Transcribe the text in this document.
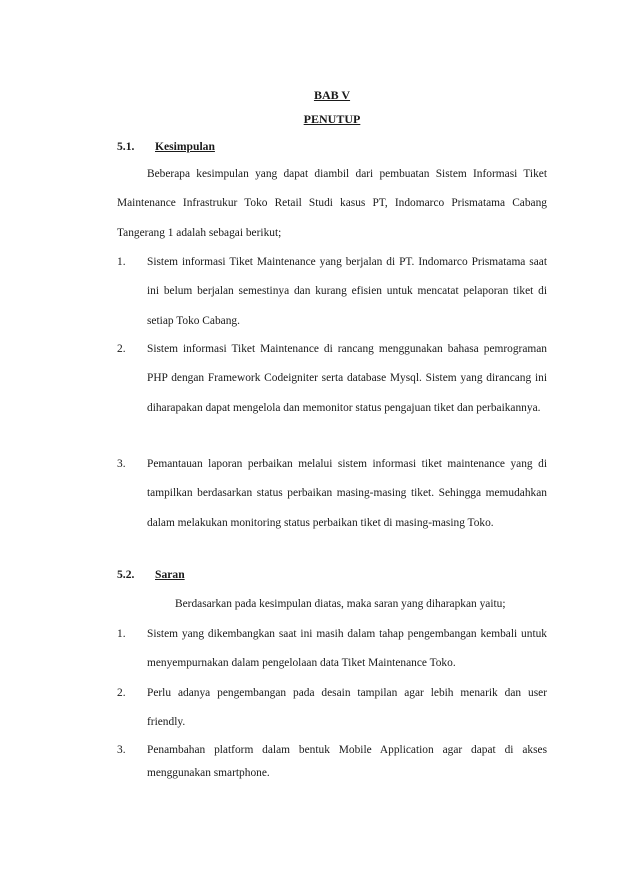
BAB V
PENUTUP
5.1. Kesimpulan

Beberapa kesimpulan yang dapat diambil dari pembuatan Sistem Informasi Tiket Maintenance Infrastrukur Toko Retail Studi kasus PT, Indomarco Prismatama Cabang Tangerang 1 adalah sebagai berikut;

1. Sistem informasi Tiket Maintenance yang berjalan di PT. Indomarco Prismatama saat ini belum berjalan semestinya dan kurang efisien untuk mencatat pelaporan tiket di setiap Toko Cabang.
2. Sistem informasi Tiket Maintenance di rancang menggunakan bahasa pemrograman PHP dengan Framework Codeigniter serta database Mysql. Sistem yang dirancang ini diharapakan dapat mengelola dan memonitor status pengajuan tiket dan perbaikannya.
3. Pemantauan laporan perbaikan melalui sistem informasi tiket maintenance yang di tampilkan berdasarkan status perbaikan masing-masing tiket. Sehingga memudahkan dalam melakukan monitoring status perbaikan tiket di masing-masing Toko.
5.2. Saran

Berdasarkan pada kesimpulan diatas, maka saran yang diharapkan yaitu;

1. Sistem yang dikembangkan saat ini masih dalam tahap pengembangan kembali untuk menyempurnakan dalam pengelolaan data Tiket Maintenance Toko.
2. Perlu adanya pengembangan pada desain tampilan agar lebih menarik dan user friendly.
3. Penambahan platform dalam bentuk Mobile Application agar dapat di akses menggunakan smartphone.
